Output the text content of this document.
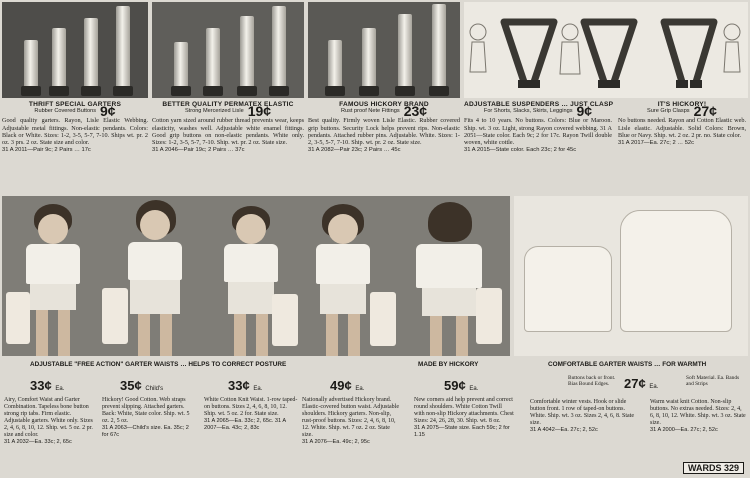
THRIFT SPECIAL GARTERS
Rubber Covered Buttons 9¢
Good quality garters. Rayon, Lisle Elastic Webbing. Adjustable metal fittings. Non-elastic pendants. Colors: Black or White. Sizes: 1-2, 3-5, 5-7, 7-10. Ships wt. pr. 2 oz. 3 prs. 2 oz. State size and color.
31 A 2011—Pair 9c; 2 Pairs … 17c
BETTER QUALITY PERMATEX ELASTIC
Strong Mercerized Lisle 19¢
Cotton yarn sized around rubber thread prevents wear, keeps elasticity, washes well. Adjustable white enamel fittings. Good grip buttons on non-elastic pendants. White only. Sizes: 1-2, 3-5, 5-7, 7-10. Ship. wt. pr. 2 oz. State size.
31 A 2046—Pair 19c; 2 Pairs … 37c
FAMOUS HICKORY BRAND
Rust proof Nete Fittings 23¢
Best quality. Firmly woven Lisle Elastic. Rubber covered grip buttons. Security Lock helps prevent rips. Non-elastic pendants. Attached rubber pins. Adjustable. White. Sizes: 1-2, 3-5, 5-7, 7-10. Ship. wt. pr. 2 oz. State size.
31 A 2082—Pair 23c; 2 Pairs … 45c
ADJUSTABLE SUSPENDERS … JUST CLASP
For Shorts, Slacks, Skirts, Leggings 9¢
Fits 4 to 10 years. No buttons. Colors: Blue or Maroon. Ship. wt. 3 oz. Light, strong Rayon covered webbing. 31 A 2051—State color. Each 9c; 2 for 17c. Rayon Twill double woven, white cottle.
31 A 2015—State color. Each 23c; 2 for 45c
IT'S HICKORY!
Sure Grip Clasps 27¢
No buttons needed. Rayon and Cotton Elastic web. Lisle elastic. Adjustable. Solid Colors: Brown, Blue or Navy. Ship. wt. 2 oz. 2 pr. no. State color.
31 A 2017—Ea. 27c; 2 … 52c
ADJUSTABLE "FREE ACTION" GARTER WAISTS … HELPS TO CORRECT POSTURE	MADE BY HICKORY	COMFORTABLE GARTER WAISTS … FOR WARMTH
33¢ Ea.
Airy, Comfort Waist and Garter Combination. Tapeless bone button strong rip tabs. Firm elastic. Adjustable garters. White only. Sizes 2, 4, 6, 8, 10, 12. Ship. wt. 5 oz. 2 pr. size and color.
31 A 2032—Ea. 33c; 2, 65c
35¢ Child's
Hickory! Good Cotton. Web straps prevent slipping. Attached garters. Back: White, State color. Ship. wt. 5 oz. 2, 5 oz.
31 A 2063—Child's size. Ea. 35c; 2 for 67c
33¢ Ea.
White Cotton Knit Waist. 1-row taped-on buttons. Sizes 2, 4, 6, 8, 10, 12. Ship. wt. 5 oz. 2 for. State size.
31 A 2065—Ea. 33c; 2, 65c. 31 A 2007—Ea. 43c; 2, 83c
49¢ Ea.
Nationally advertised Hickory brand. Elastic-covered button waist. Adjustable shoulders. Hickory garters. Non-slip, rust-proof buttons. Sizes: 2, 4, 6, 8, 10, 12. White. Ship. wt. 7 oz. 2 oz. State size.
31 A 2076—Ea. 49c; 2, 95c
59¢ Ea.
New corners aid help prevent and correct round shoulders. White Cotton Twill with non-slip Hickory attachments. Chest Sizes: 24, 26, 28, 30. Ship. wt. 8 oz.
31 A 2075—State size. Each 59c; 2 for 1.15
Buttons back or front. Bias Bound Edges.	27¢ Ea.
Comfortable winter vests. Hook or slide button front. 1 row of taped-on buttons. White. Ship. wt. 3 oz. Sizes 2, 4, 6, 8. State size.
31 A 4042—Ea. 27c; 2, 52c
Soft Material. Ea. Bands and Strips
Warm waist knit Cotton. Non-slip buttons. No extras needed. Sizes: 2, 4, 6, 8, 10, 12. White. Ship. wt. 3 oz. State size.
31 A 2000—Ea. 27c; 2, 52c
WARDS 329
